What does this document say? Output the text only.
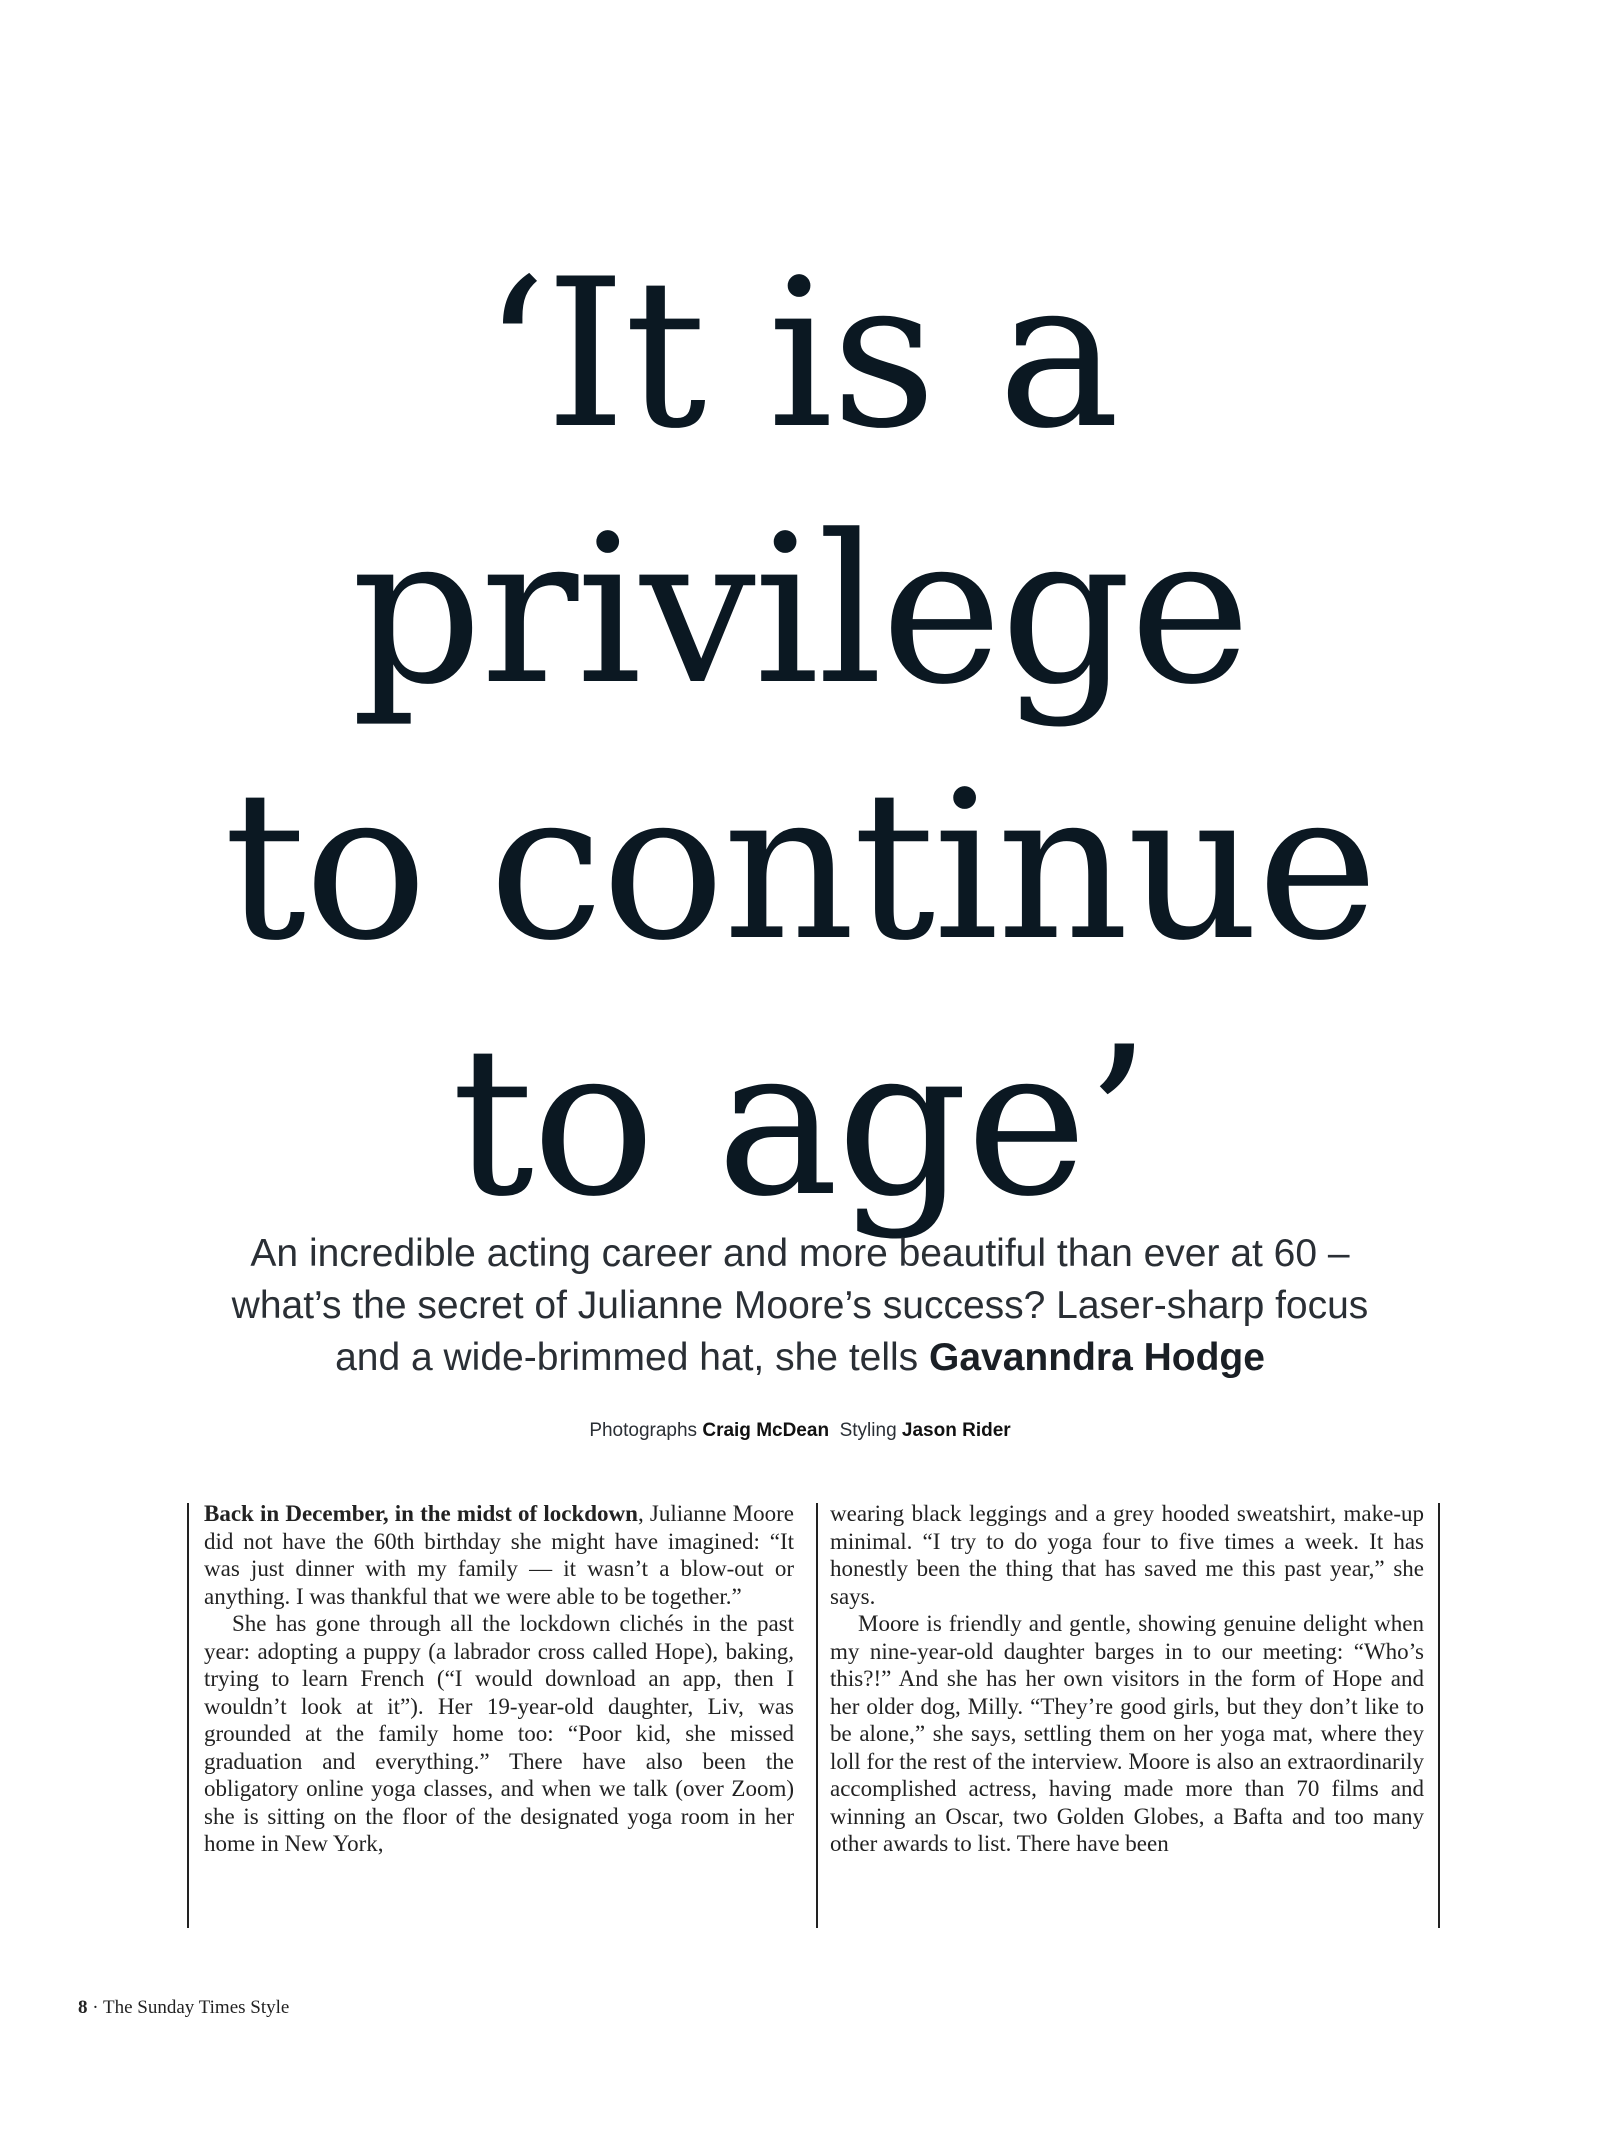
‘It is a
privilege
to continue
to age’
An incredible acting career and more beautiful than ever at 60 – what’s the secret of Julianne Moore’s success? Laser-sharp focus and a wide-brimmed hat, she tells Gavanndra Hodge
Photographs Craig McDean Styling Jason Rider

Back in December, in the midst of lockdown, Julianne Moore did not have the 60th birthday she might have imagined: “It was just dinner with my family — it wasn’t a blow-out or anything. I was thankful that we were able to be together.”

She has gone through all the lockdown clichés in the past year: adopting a puppy (a labrador cross called Hope), baking, trying to learn French (“I would download an app, then I wouldn’t look at it”). Her 19-year-old daughter, Liv, was grounded at the family home too: “Poor kid, she missed graduation and everything.” There have also been the obligatory online yoga classes, and when we talk (over Zoom) she is sitting on the floor of the designated yoga room in her home in New York,

wearing black leggings and a grey hooded sweatshirt, make-up minimal. “I try to do yoga four to five times a week. It has honestly been the thing that has saved me this past year,” she says.

Moore is friendly and gentle, showing genuine delight when my nine-year-old daughter barges in to our meeting: “Who’s this?!” And she has her own visitors in the form of Hope and her older dog, Milly. “They’re good girls, but they don’t like to be alone,” she says, settling them on her yoga mat, where they loll for the rest of the interview. Moore is also an extraordinarily accomplished actress, having made more than 70 films and winning an Oscar, two Golden Globes, a Bafta and too many other awards to list. There have been

8 · The Sunday Times Style
